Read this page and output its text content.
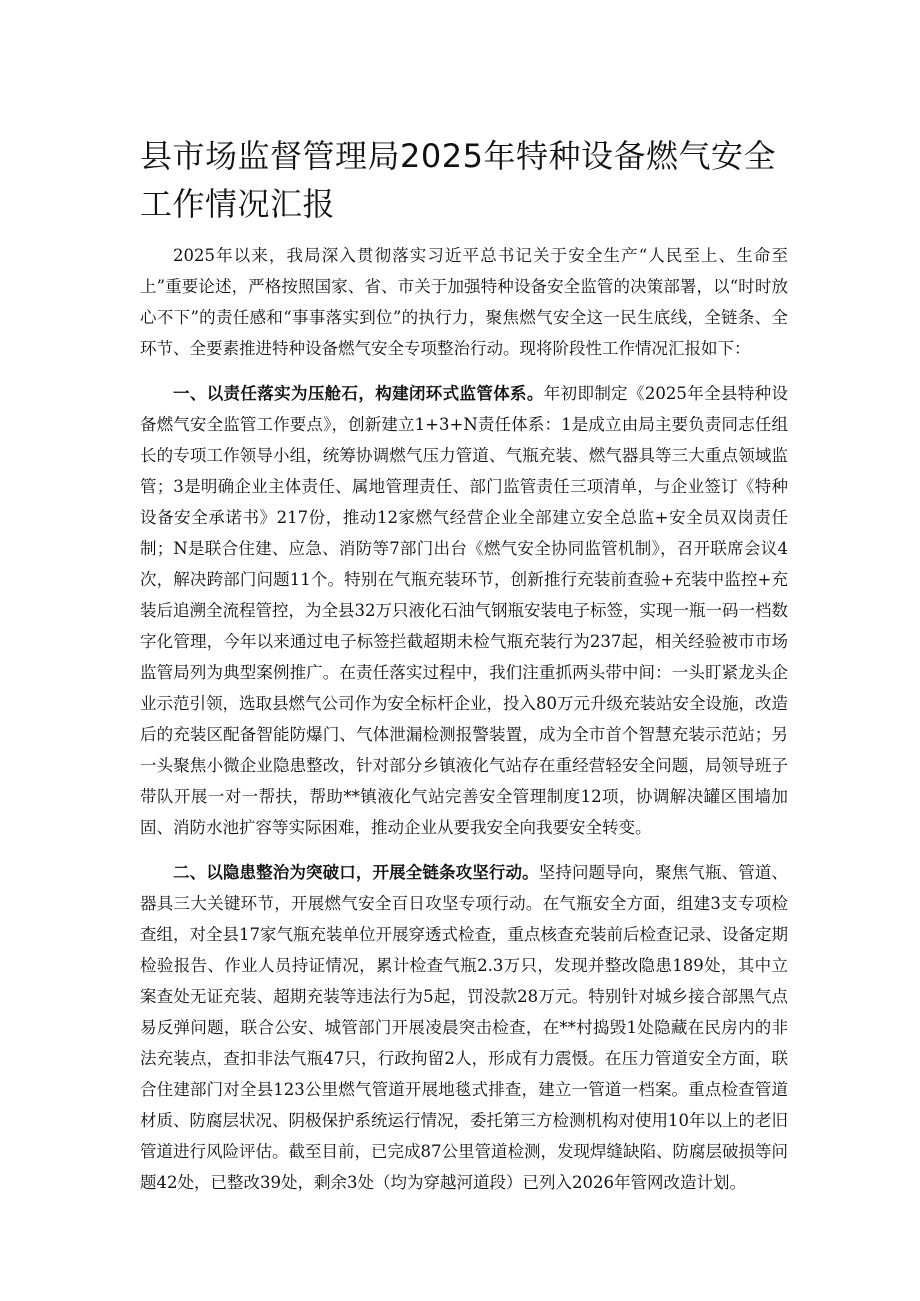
县市场监督管理局2025年特种设备燃气安全工作情况汇报

2025年以来，我局深入贯彻落实习近平总书记关于安全生产“人民至上、生命至上”重要论述，严格按照国家、省、市关于加强特种设备安全监管的决策部署，以“时时放心不下”的责任感和“事事落实到位”的执行力，聚焦燃气安全这一民生底线，全链条、全环节、全要素推进特种设备燃气安全专项整治行动。现将阶段性工作情况汇报如下：

一、以责任落实为压舱石，构建闭环式监管体系。年初即制定《2025年全县特种设备燃气安全监管工作要点》，创新建立1+3+N责任体系：1是成立由局主要负责同志任组长的专项工作领导小组，统筹协调燃气压力管道、气瓶充装、燃气器具等三大重点领域监管；3是明确企业主体责任、属地管理责任、部门监管责任三项清单，与企业签订《特种设备安全承诺书》217份，推动12家燃气经营企业全部建立安全总监+安全员双岗责任制；N是联合住建、应急、消防等7部门出台《燃气安全协同监管机制》，召开联席会议4次，解决跨部门问题11个。特别在气瓶充装环节，创新推行充装前查验+充装中监控+充装后追溯全流程管控，为全县32万只液化石油气钢瓶安装电子标签，实现一瓶一码一档数字化管理，今年以来通过电子标签拦截超期未检气瓶充装行为237起，相关经验被市市场监管局列为典型案例推广。在责任落实过程中，我们注重抓两头带中间：一头盯紧龙头企业示范引领，选取县燃气公司作为安全标杆企业，投入80万元升级充装站安全设施，改造后的充装区配备智能防爆门、气体泄漏检测报警装置，成为全市首个智慧充装示范站；另一头聚焦小微企业隐患整改，针对部分乡镇液化气站存在重经营轻安全问题，局领导班子带队开展一对一帮扶，帮助**镇液化气站完善安全管理制度12项，协调解决罐区围墙加固、消防水池扩容等实际困难，推动企业从要我安全向我要安全转变。

二、以隐患整治为突破口，开展全链条攻坚行动。坚持问题导向，聚焦气瓶、管道、器具三大关键环节，开展燃气安全百日攻坚专项行动。在气瓶安全方面，组建3支专项检查组，对全县17家气瓶充装单位开展穿透式检查，重点核查充装前后检查记录、设备定期检验报告、作业人员持证情况，累计检查气瓶2.3万只，发现并整改隐患189处，其中立案查处无证充装、超期充装等违法行为5起，罚没款28万元。特别针对城乡接合部黑气点易反弹问题，联合公安、城管部门开展凌晨突击检查，在**村捣毁1处隐藏在民房内的非法充装点，查扣非法气瓶47只，行政拘留2人，形成有力震慑。在压力管道安全方面，联合住建部门对全县123公里燃气管道开展地毯式排查，建立一管道一档案。重点检查管道材质、防腐层状况、阴极保护系统运行情况，委托第三方检测机构对使用10年以上的老旧管道进行风险评估。截至目前，已完成87公里管道检测，发现焊缝缺陷、防腐层破损等问题42处，已整改39处，剩余3处（均为穿越河道段）已列入2026年管网改造计划。
